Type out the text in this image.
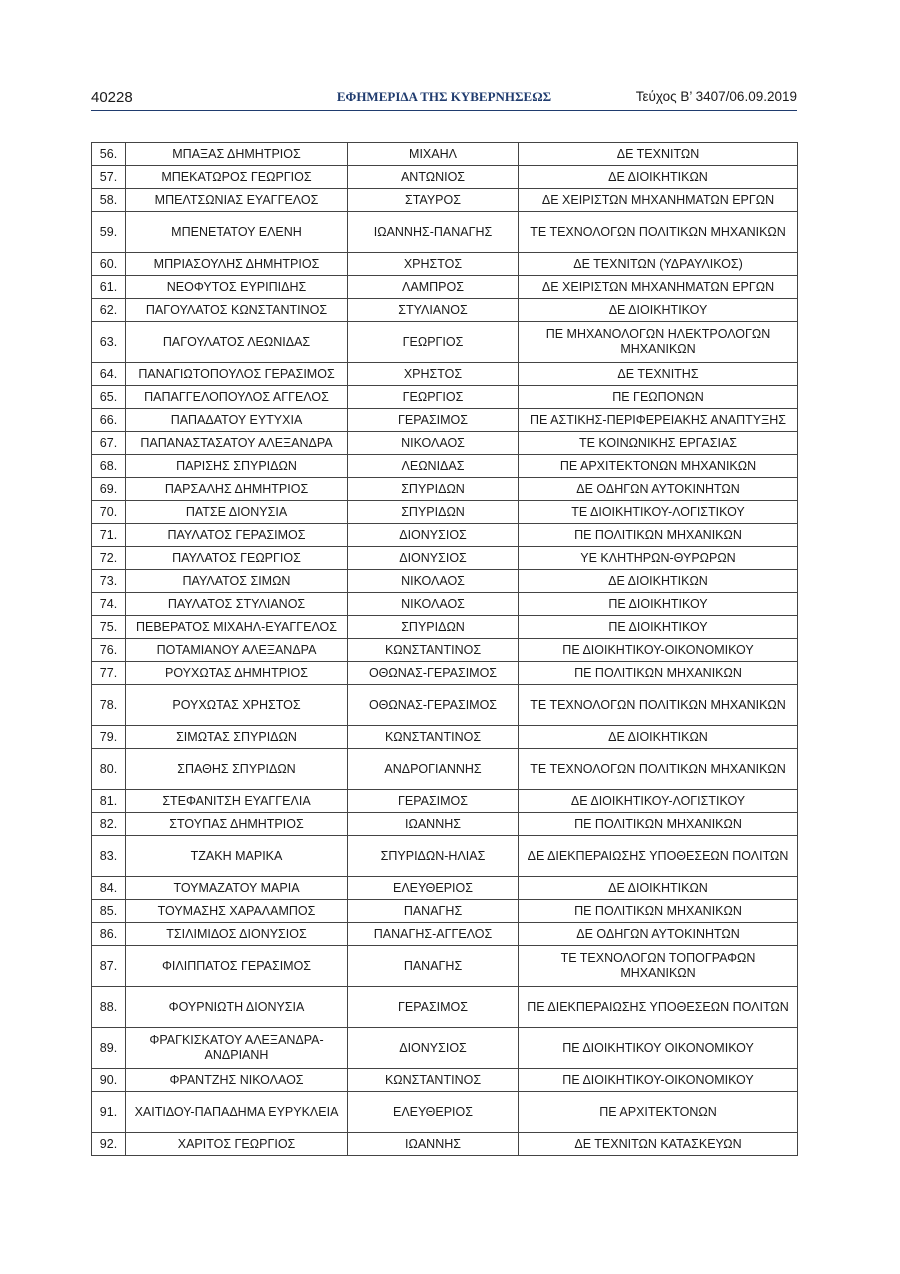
40228	ΕΦΗΜΕΡΙΔΑ ΤΗΣ ΚΥΒΕΡΝΗΣΕΩΣ	Τεύχος Β’ 3407/06.09.2019
56.	ΜΠΑΞΑΣ ΔΗΜΗΤΡΙΟΣ	ΜΙΧΑΗΛ	ΔΕ ΤΕΧΝΙΤΩΝ
57.	ΜΠΕΚΑΤΩΡΟΣ ΓΕΩΡΓΙΟΣ	ΑΝΤΩΝΙΟΣ	ΔΕ ΔΙΟΙΚΗΤΙΚΩΝ
58.	ΜΠΕΛΤΣΩΝΙΑΣ ΕΥΑΓΓΕΛΟΣ	ΣΤΑΥΡΟΣ	ΔΕ ΧΕΙΡΙΣΤΩΝ ΜΗΧΑΝΗΜΑΤΩΝ ΕΡΓΩΝ
59.	ΜΠΕΝΕΤΑΤΟΥ ΕΛΕΝΗ	ΙΩΑΝΝΗΣ-ΠΑΝΑΓΗΣ	ΤΕ ΤΕΧΝΟΛΟΓΩΝ ΠΟΛΙΤΙΚΩΝ ΜΗΧΑΝΙΚΩΝ
60.	ΜΠΡΙΑΣΟΥΛΗΣ ΔΗΜΗΤΡΙΟΣ	ΧΡΗΣΤΟΣ	ΔΕ ΤΕΧΝΙΤΩΝ (ΥΔΡΑΥΛΙΚΟΣ)
61.	ΝΕΟΦΥΤΟΣ ΕΥΡΙΠΙΔΗΣ	ΛΑΜΠΡΟΣ	ΔΕ ΧΕΙΡΙΣΤΩΝ ΜΗΧΑΝΗΜΑΤΩΝ ΕΡΓΩΝ
62.	ΠΑΓΟΥΛΑΤΟΣ ΚΩΝΣΤΑΝΤΙΝΟΣ	ΣΤΥΛΙΑΝΟΣ	ΔΕ ΔΙΟΙΚΗΤΙΚΟΥ
63.	ΠΑΓΟΥΛΑΤΟΣ ΛΕΩΝΙΔΑΣ	ΓΕΩΡΓΙΟΣ	ΠΕ ΜΗΧΑΝΟΛΟΓΩΝ ΗΛΕΚΤΡΟΛΟΓΩΝ ΜΗΧΑΝΙΚΩΝ
64.	ΠΑΝΑΓΙΩΤΟΠΟΥΛΟΣ ΓΕΡΑΣΙΜΟΣ	ΧΡΗΣΤΟΣ	ΔΕ ΤΕΧΝΙΤΗΣ
65.	ΠΑΠΑΓΓΕΛΟΠΟΥΛΟΣ ΑΓΓΕΛΟΣ	ΓΕΩΡΓΙΟΣ	ΠΕ ΓΕΩΠΟΝΩΝ
66.	ΠΑΠΑΔΑΤΟΥ ΕΥΤΥΧΙΑ	ΓΕΡΑΣΙΜΟΣ	ΠΕ ΑΣΤΙΚΗΣ-ΠΕΡΙΦΕΡΕΙΑΚΗΣ ΑΝΑΠΤΥΞΗΣ
67.	ΠΑΠΑΝΑΣΤΑΣΑΤΟΥ ΑΛΕΞΑΝΔΡΑ	ΝΙΚΟΛΑΟΣ	ΤΕ ΚΟΙΝΩΝΙΚΗΣ ΕΡΓΑΣΙΑΣ
68.	ΠΑΡΙΣΗΣ ΣΠΥΡΙΔΩΝ	ΛΕΩΝΙΔΑΣ	ΠΕ ΑΡΧΙΤΕΚΤΟΝΩΝ ΜΗΧΑΝΙΚΩΝ
69.	ΠΑΡΣΑΛΗΣ ΔΗΜΗΤΡΙΟΣ	ΣΠΥΡΙΔΩΝ	ΔΕ ΟΔΗΓΩΝ ΑΥΤΟΚΙΝΗΤΩΝ
70.	ΠΑΤΣΕ ΔΙΟΝΥΣΙΑ	ΣΠΥΡΙΔΩΝ	ΤΕ ΔΙΟΙΚΗΤΙΚΟΥ-ΛΟΓΙΣΤΙΚΟΥ
71.	ΠΑΥΛΑΤΟΣ ΓΕΡΑΣΙΜΟΣ	ΔΙΟΝΥΣΙΟΣ	ΠΕ ΠΟΛΙΤΙΚΩΝ ΜΗΧΑΝΙΚΩΝ
72.	ΠΑΥΛΑΤΟΣ ΓΕΩΡΓΙΟΣ	ΔΙΟΝΥΣΙΟΣ	ΥΕ ΚΛΗΤΗΡΩΝ-ΘΥΡΩΡΩΝ
73.	ΠΑΥΛΑΤΟΣ ΣΙΜΩΝ	ΝΙΚΟΛΑΟΣ	ΔΕ ΔΙΟΙΚΗΤΙΚΩΝ
74.	ΠΑΥΛΑΤΟΣ ΣΤΥΛΙΑΝΟΣ	ΝΙΚΟΛΑΟΣ	ΠΕ ΔΙΟΙΚΗΤΙΚΟΥ
75.	ΠΕΒΕΡΑΤΟΣ ΜΙΧΑΗΛ-ΕΥΑΓΓΕΛΟΣ	ΣΠΥΡΙΔΩΝ	ΠΕ ΔΙΟΙΚΗΤΙΚΟΥ
76.	ΠΟΤΑΜΙΑΝΟΥ ΑΛΕΞΑΝΔΡΑ	ΚΩΝΣΤΑΝΤΙΝΟΣ	ΠΕ ΔΙΟΙΚΗΤΙΚΟΥ-ΟΙΚΟΝΟΜΙΚΟΥ
77.	ΡΟΥΧΩΤΑΣ ΔΗΜΗΤΡΙΟΣ	ΟΘΩΝΑΣ-ΓΕΡΑΣΙΜΟΣ	ΠΕ ΠΟΛΙΤΙΚΩΝ ΜΗΧΑΝΙΚΩΝ
78.	ΡΟΥΧΩΤΑΣ ΧΡΗΣΤΟΣ	ΟΘΩΝΑΣ-ΓΕΡΑΣΙΜΟΣ	ΤΕ ΤΕΧΝΟΛΟΓΩΝ ΠΟΛΙΤΙΚΩΝ ΜΗΧΑΝΙΚΩΝ
79.	ΣΙΜΩΤΑΣ ΣΠΥΡΙΔΩΝ	ΚΩΝΣΤΑΝΤΙΝΟΣ	ΔΕ ΔΙΟΙΚΗΤΙΚΩΝ
80.	ΣΠΑΘΗΣ ΣΠΥΡΙΔΩΝ	ΑΝΔΡΟΓΙΑΝΝΗΣ	ΤΕ ΤΕΧΝΟΛΟΓΩΝ ΠΟΛΙΤΙΚΩΝ ΜΗΧΑΝΙΚΩΝ
81.	ΣΤΕΦΑΝΙΤΣΗ ΕΥΑΓΓΕΛΙΑ	ΓΕΡΑΣΙΜΟΣ	ΔΕ ΔΙΟΙΚΗΤΙΚΟΥ-ΛΟΓΙΣΤΙΚΟΥ
82.	ΣΤΟΥΠΑΣ ΔΗΜΗΤΡΙΟΣ	ΙΩΑΝΝΗΣ	ΠΕ ΠΟΛΙΤΙΚΩΝ ΜΗΧΑΝΙΚΩΝ
83.	ΤΖΑΚΗ ΜΑΡΙΚΑ	ΣΠΥΡΙΔΩΝ-ΗΛΙΑΣ	ΔΕ ΔΙΕΚΠΕΡΑΙΩΣΗΣ ΥΠΟΘΕΣΕΩΝ ΠΟΛΙΤΩΝ
84.	ΤΟΥΜΑΖΑΤΟΥ ΜΑΡΙΑ	ΕΛΕΥΘΕΡΙΟΣ	ΔΕ ΔΙΟΙΚΗΤΙΚΩΝ
85.	ΤΟΥΜΑΣΗΣ ΧΑΡΑΛΑΜΠΟΣ	ΠΑΝΑΓΗΣ	ΠΕ ΠΟΛΙΤΙΚΩΝ ΜΗΧΑΝΙΚΩΝ
86.	ΤΣΙΛΙΜΙΔΟΣ ΔΙΟΝΥΣΙΟΣ	ΠΑΝΑΓΗΣ-ΑΓΓΕΛΟΣ	ΔΕ ΟΔΗΓΩΝ ΑΥΤΟΚΙΝΗΤΩΝ
87.	ΦΙΛΙΠΠΑΤΟΣ ΓΕΡΑΣΙΜΟΣ	ΠΑΝΑΓΗΣ	ΤΕ ΤΕΧΝΟΛΟΓΩΝ ΤΟΠΟΓΡΑΦΩΝ ΜΗΧΑΝΙΚΩΝ
88.	ΦΟΥΡΝΙΩΤΗ ΔΙΟΝΥΣΙΑ	ΓΕΡΑΣΙΜΟΣ	ΠΕ ΔΙΕΚΠΕΡΑΙΩΣΗΣ ΥΠΟΘΕΣΕΩΝ ΠΟΛΙΤΩΝ
89.	ΦΡΑΓΚΙΣΚΑΤΟΥ ΑΛΕΞΑΝΔΡΑ-ΑΝΔΡΙΑΝΗ	ΔΙΟΝΥΣΙΟΣ	ΠΕ ΔΙΟΙΚΗΤΙΚΟΥ ΟΙΚΟΝΟΜΙΚΟΥ
90.	ΦΡΑΝΤΖΗΣ ΝΙΚΟΛΑΟΣ	ΚΩΝΣΤΑΝΤΙΝΟΣ	ΠΕ ΔΙΟΙΚΗΤΙΚΟΥ-ΟΙΚΟΝΟΜΙΚΟΥ
91.	ΧΑΙΤΙΔΟΥ-ΠΑΠΑΔΗΜΑ ΕΥΡΥΚΛΕΙΑ	ΕΛΕΥΘΕΡΙΟΣ	ΠΕ ΑΡΧΙΤΕΚΤΟΝΩΝ
92.	ΧΑΡΙΤΟΣ ΓΕΩΡΓΙΟΣ	ΙΩΑΝΝΗΣ	ΔΕ ΤΕΧΝΙΤΩΝ ΚΑΤΑΣΚΕΥΩΝ
